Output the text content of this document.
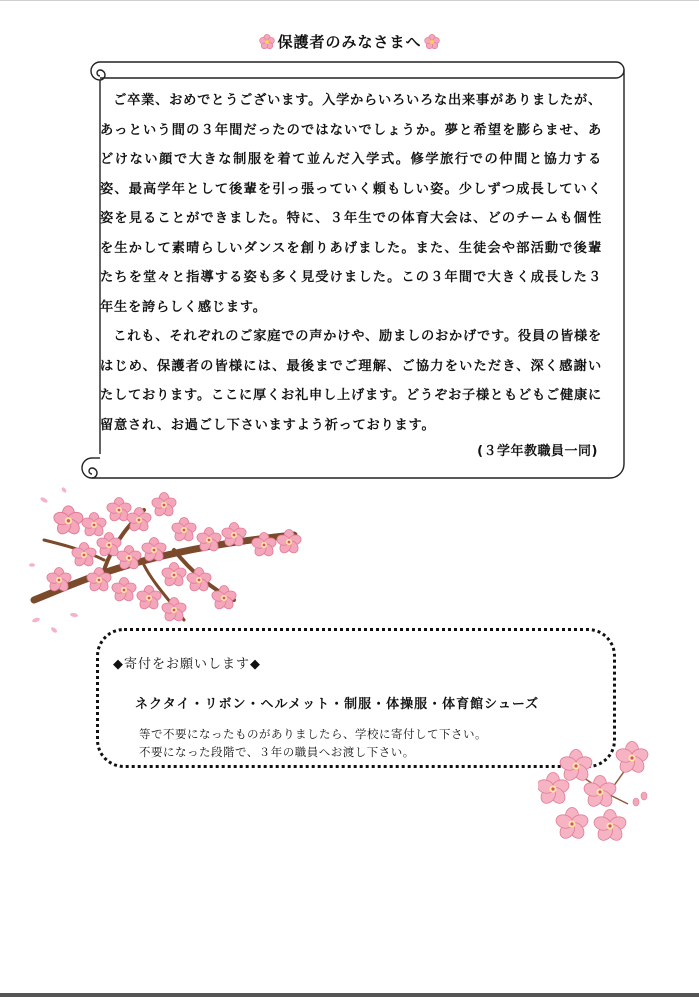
保護者のみなさまへ

ご卒業、おめでとうございます。入学からいろいろな出来事がありましたが、あっという間の３年間だったのではないでしょうか。夢と希望を膨らませ、あどけない顔で大きな制服を着て並んだ入学式。修学旅行での仲間と協力する姿、最高学年として後輩を引っ張っていく頼もしい姿。少しずつ成長していく姿を見ることができました。特に、３年生での体育大会は、どのチームも個性を生かして素晴らしいダンスを創りあげました。また、生徒会や部活動で後輩たちを堂々と指導する姿も多く見受けました。この３年間で大きく成長した３年生を誇らしく感じます。

これも、それぞれのご家庭での声かけや、励ましのおかげです。役員の皆様をはじめ、保護者の皆様には、最後までご理解、ご協力をいただき、深く感謝いたしております。ここに厚くお礼申し上げます。どうぞお子様ともどもご健康に留意され、お過ごし下さいますよう祈っております。

(３学年教職員一同)
◆寄付をお願いします◆
ネクタイ・リボン・ヘルメット・制服・体操服・体育館シューズ
等で不要になったものがありましたら、学校に寄付して下さい。
不要になった段階で、３年の職員へお渡し下さい。
